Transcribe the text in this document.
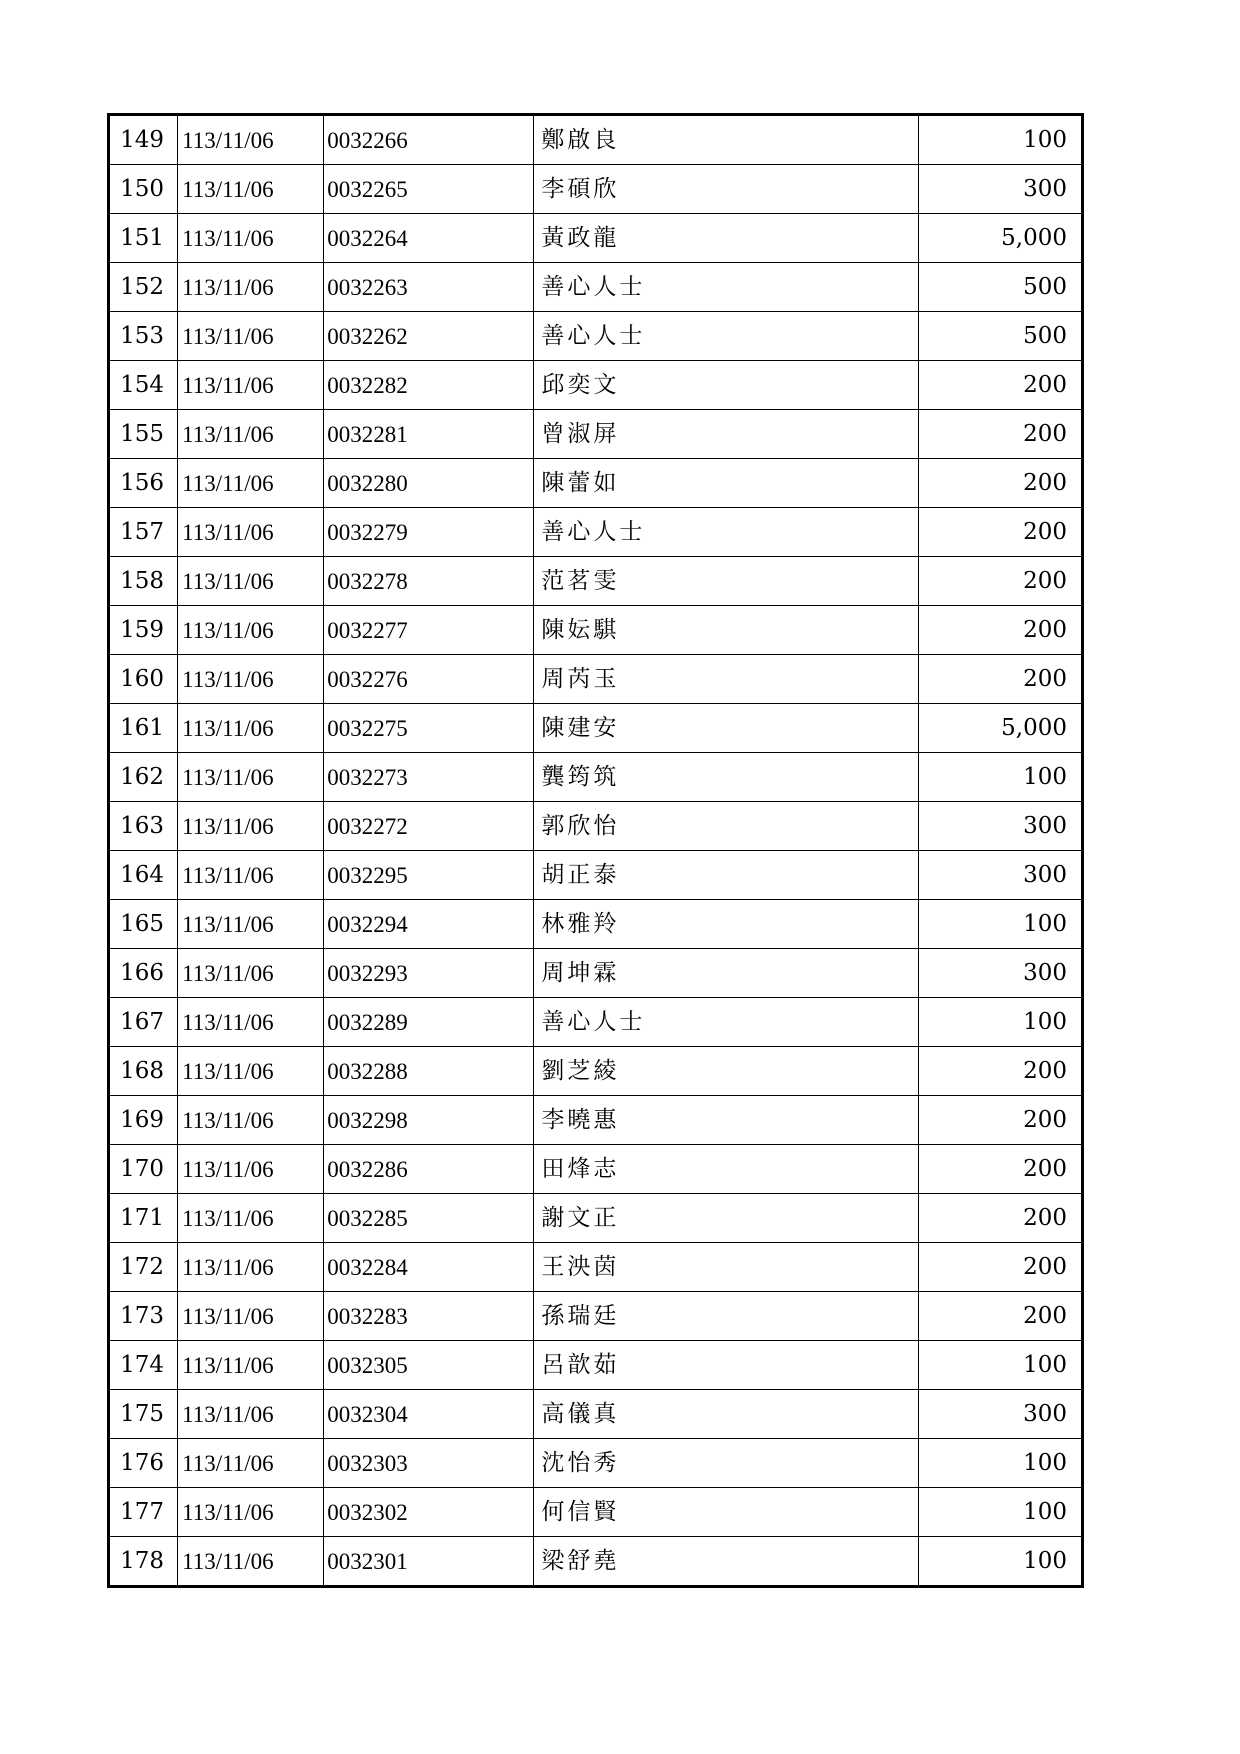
149	113/11/06	0032266	鄭啟良	100
150	113/11/06	0032265	李碩欣	300
151	113/11/06	0032264	黃政龍	5,000
152	113/11/06	0032263	善心人士	500
153	113/11/06	0032262	善心人士	500
154	113/11/06	0032282	邱奕文	200
155	113/11/06	0032281	曾淑屏	200
156	113/11/06	0032280	陳蕾如	200
157	113/11/06	0032279	善心人士	200
158	113/11/06	0032278	范茗雯	200
159	113/11/06	0032277	陳妘騏	200
160	113/11/06	0032276	周芮玉	200
161	113/11/06	0032275	陳建安	5,000
162	113/11/06	0032273	龔筠筑	100
163	113/11/06	0032272	郭欣怡	300
164	113/11/06	0032295	胡正泰	300
165	113/11/06	0032294	林雅羚	100
166	113/11/06	0032293	周坤霖	300
167	113/11/06	0032289	善心人士	100
168	113/11/06	0032288	劉芝綾	200
169	113/11/06	0032298	李曉惠	200
170	113/11/06	0032286	田烽志	200
171	113/11/06	0032285	謝文正	200
172	113/11/06	0032284	王泱茵	200
173	113/11/06	0032283	孫瑞廷	200
174	113/11/06	0032305	呂歆茹	100
175	113/11/06	0032304	高儀真	300
176	113/11/06	0032303	沈怡秀	100
177	113/11/06	0032302	何信賢	100
178	113/11/06	0032301	梁舒堯	100
